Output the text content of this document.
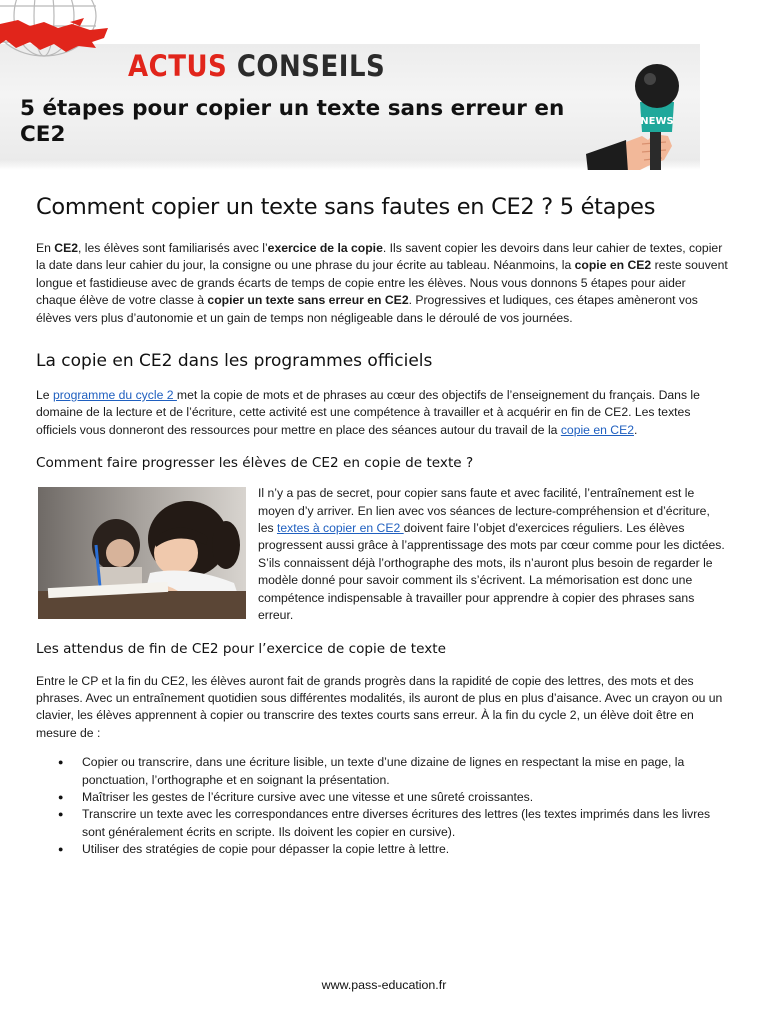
ACTUS CONSEILS
5 étapes pour copier un texte sans erreur en CE2
NEWS
Comment copier un texte sans fautes en CE2 ? 5 étapes

En CE2, les élèves sont familiarisés avec l’exercice de la copie. Ils savent copier les devoirs dans leur cahier de textes, copier la date dans leur cahier du jour, la consigne ou une phrase du jour écrite au tableau. Néanmoins, la copie en CE2 reste souvent longue et fastidieuse avec de grands écarts de temps de copie entre les élèves. Nous vous donnons 5 étapes pour aider chaque élève de votre classe à copier un texte sans erreur en CE2. Progressives et ludiques, ces étapes amèneront vos élèves vers plus d’autonomie et un gain de temps non négligeable dans le déroulé de vos journées.

La copie en CE2 dans les programmes officiels

Le programme du cycle 2 met la copie de mots et de phrases au cœur des objectifs de l’enseignement du français. Dans le domaine de la lecture et de l’écriture, cette activité est une compétence à travailler et à acquérir en fin de CE2. Les textes officiels vous donneront des ressources pour mettre en place des séances autour du travail de la copie en CE2.

Comment faire progresser les élèves de CE2 en copie de texte ?

Il n’y a pas de secret, pour copier sans faute et avec facilité, l’entraînement est le moyen d’y arriver. En lien avec vos séances de lecture-compréhension et d’écriture, les textes à copier en CE2 doivent faire l’objet d'exercices réguliers. Les élèves progressent aussi grâce à l’apprentissage des mots par cœur comme pour les dictées. S’ils connaissent déjà l’orthographe des mots, ils n’auront plus besoin de regarder le modèle donné pour savoir comment ils s’écrivent. La mémorisation est donc une compétence indispensable à travailler pour apprendre à copier des phrases sans erreur.

Les attendus de fin de CE2 pour l’exercice de copie de texte

Entre le CP et la fin du CE2, les élèves auront fait de grands progrès dans la rapidité de copie des lettres, des mots et des phrases. Avec un entraînement quotidien sous différentes modalités, ils auront de plus en plus d’aisance. Avec un crayon ou un clavier, les élèves apprennent à copier ou transcrire des textes courts sans erreur. À la fin du cycle 2, un élève doit être en mesure de :

● Copier ou transcrire, dans une écriture lisible, un texte d’une dizaine de lignes en respectant la mise en page, la ponctuation, l’orthographe et en soignant la présentation.
● Maîtriser les gestes de l’écriture cursive avec une vitesse et une sûreté croissantes.
● Transcrire un texte avec les correspondances entre diverses écritures des lettres (les textes imprimés dans les livres sont généralement écrits en scripte. Ils doivent les copier en cursive).
● Utiliser des stratégies de copie pour dépasser la copie lettre à lettre.
www.pass-education.fr
